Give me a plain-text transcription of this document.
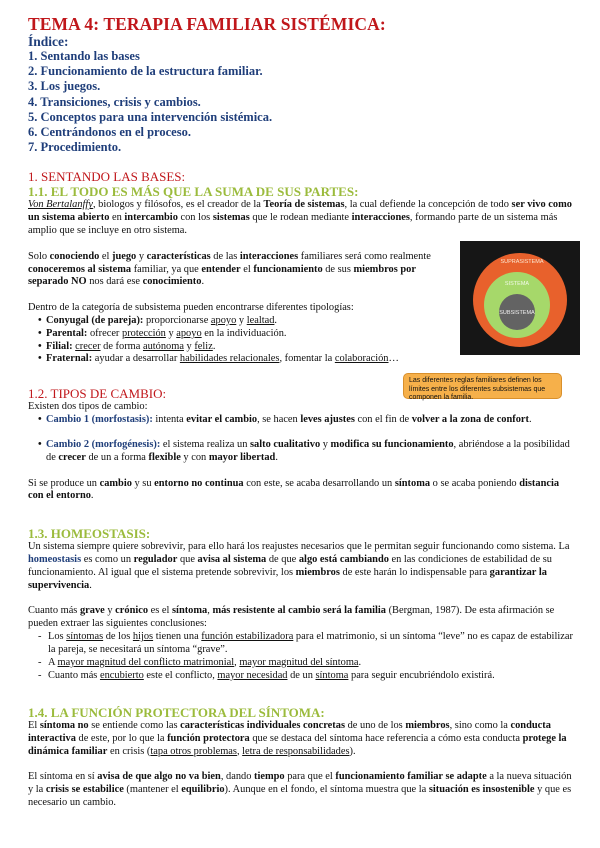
TEMA 4: TERAPIA FAMILIAR SISTÉMICA:
Índice:
1. Sentando las bases
2. Funcionamiento de la estructura familiar.
3. Los juegos.
4. Transiciones, crisis y cambios.
5. Conceptos para una intervención sistémica.
6. Centrándonos en el proceso.
7. Procedimiento.
1. SENTANDO LAS BASES:
1.1. EL TODO ES MÁS QUE LA SUMA DE SUS PARTES:

Von Bertalanffy, biologos y filósofos, es el creador de la Teoría de sistemas, la cual defiende la concepción de todo ser vivo como un sistema abierto en intercambio con los sistemas que le rodean mediante interacciones, formando parte de un sistema más amplio que se incluye en otro sistema.

Solo conociendo el juego y características de las interacciones familiares será como realmente conoceremos al sistema familiar, ya que entender el funcionamiento de sus miembros por separado NO nos dará ese conocimiento.

Dentro de la categoría de subsistema pueden encontrarse diferentes tipologías:

• Conyugal (de pareja): proporcionarse apoyo y lealtad.
• Parental: ofrecer protección y apoyo en la individuación.
• Filial: crecer de forma autónoma y feliz.
• Fraternal: ayudar a desarrollar habilidades relacionales, fomentar la colaboración…
1.2. TIPOS DE CAMBIO:

Existen dos tipos de cambio:

• Cambio 1 (morfostasis): intenta evitar el cambio, se hacen leves ajustes con el fin de volver a la zona de confort.
• Cambio 2 (morfogénesis): el sistema realiza un salto cualitativo y modifica su funcionamiento, abriéndose a la posibilidad de crecer de un a forma flexible y con mayor libertad.

Si se produce un cambio y su entorno no continua con este, se acaba desarrollando un síntoma o se acaba poniendo distancia con el entorno.

1.3. HOMEOSTASIS:

Un sistema siempre quiere sobrevivir, para ello hará los reajustes necesarios que le permitan seguir funcionando como sistema. La homeostasis es como un regulador que avisa al sistema de que algo está cambiando en las condiciones de estabilidad de su funcionamiento. Al igual que el sistema pretende sobrevivir, los miembros de este harán lo indispensable para garantizar la supervivencia.

Cuanto más grave y crónico es el síntoma, más resistente al cambio será la familia (Bergman, 1987). De esta afirmación se pueden extraer las siguientes conclusiones:

- Los síntomas de los hijos tienen una función estabilizadora para el matrimonio, si un síntoma “leve” no es capaz de estabilizar la pareja, se necesitará un síntoma “grave”.
- A mayor magnitud del conflicto matrimonial, mayor magnitud del síntoma.
- Cuanto más encubierto este el conflicto, mayor necesidad de un síntoma para seguir encubriéndolo existirá.
1.4. LA FUNCIÓN PROTECTORA DEL SÍNTOMA:

El síntoma no se entiende como las características individuales concretas de uno de los miembros, sino como la conducta interactiva de este, por lo que la función protectora que se destaca del síntoma hace referencia a cómo esta conducta protege la dinámica familiar en crisis (tapa otros problemas, letra de responsabilidades).

El síntoma en sí avisa de que algo no va bien, dando tiempo para que el funcionamiento familiar se adapte a la nueva situación y la crisis se estabilice (mantener el equilibrio). Aunque en el fondo, el síntoma muestra que la situación es insostenible y que es necesario un cambio.

SUPRASISTEMA
SISTEMA
SUBSISTEMA
Las diferentes reglas familiares definen los límites entre los diferentes subsistemas que componen la familia.
